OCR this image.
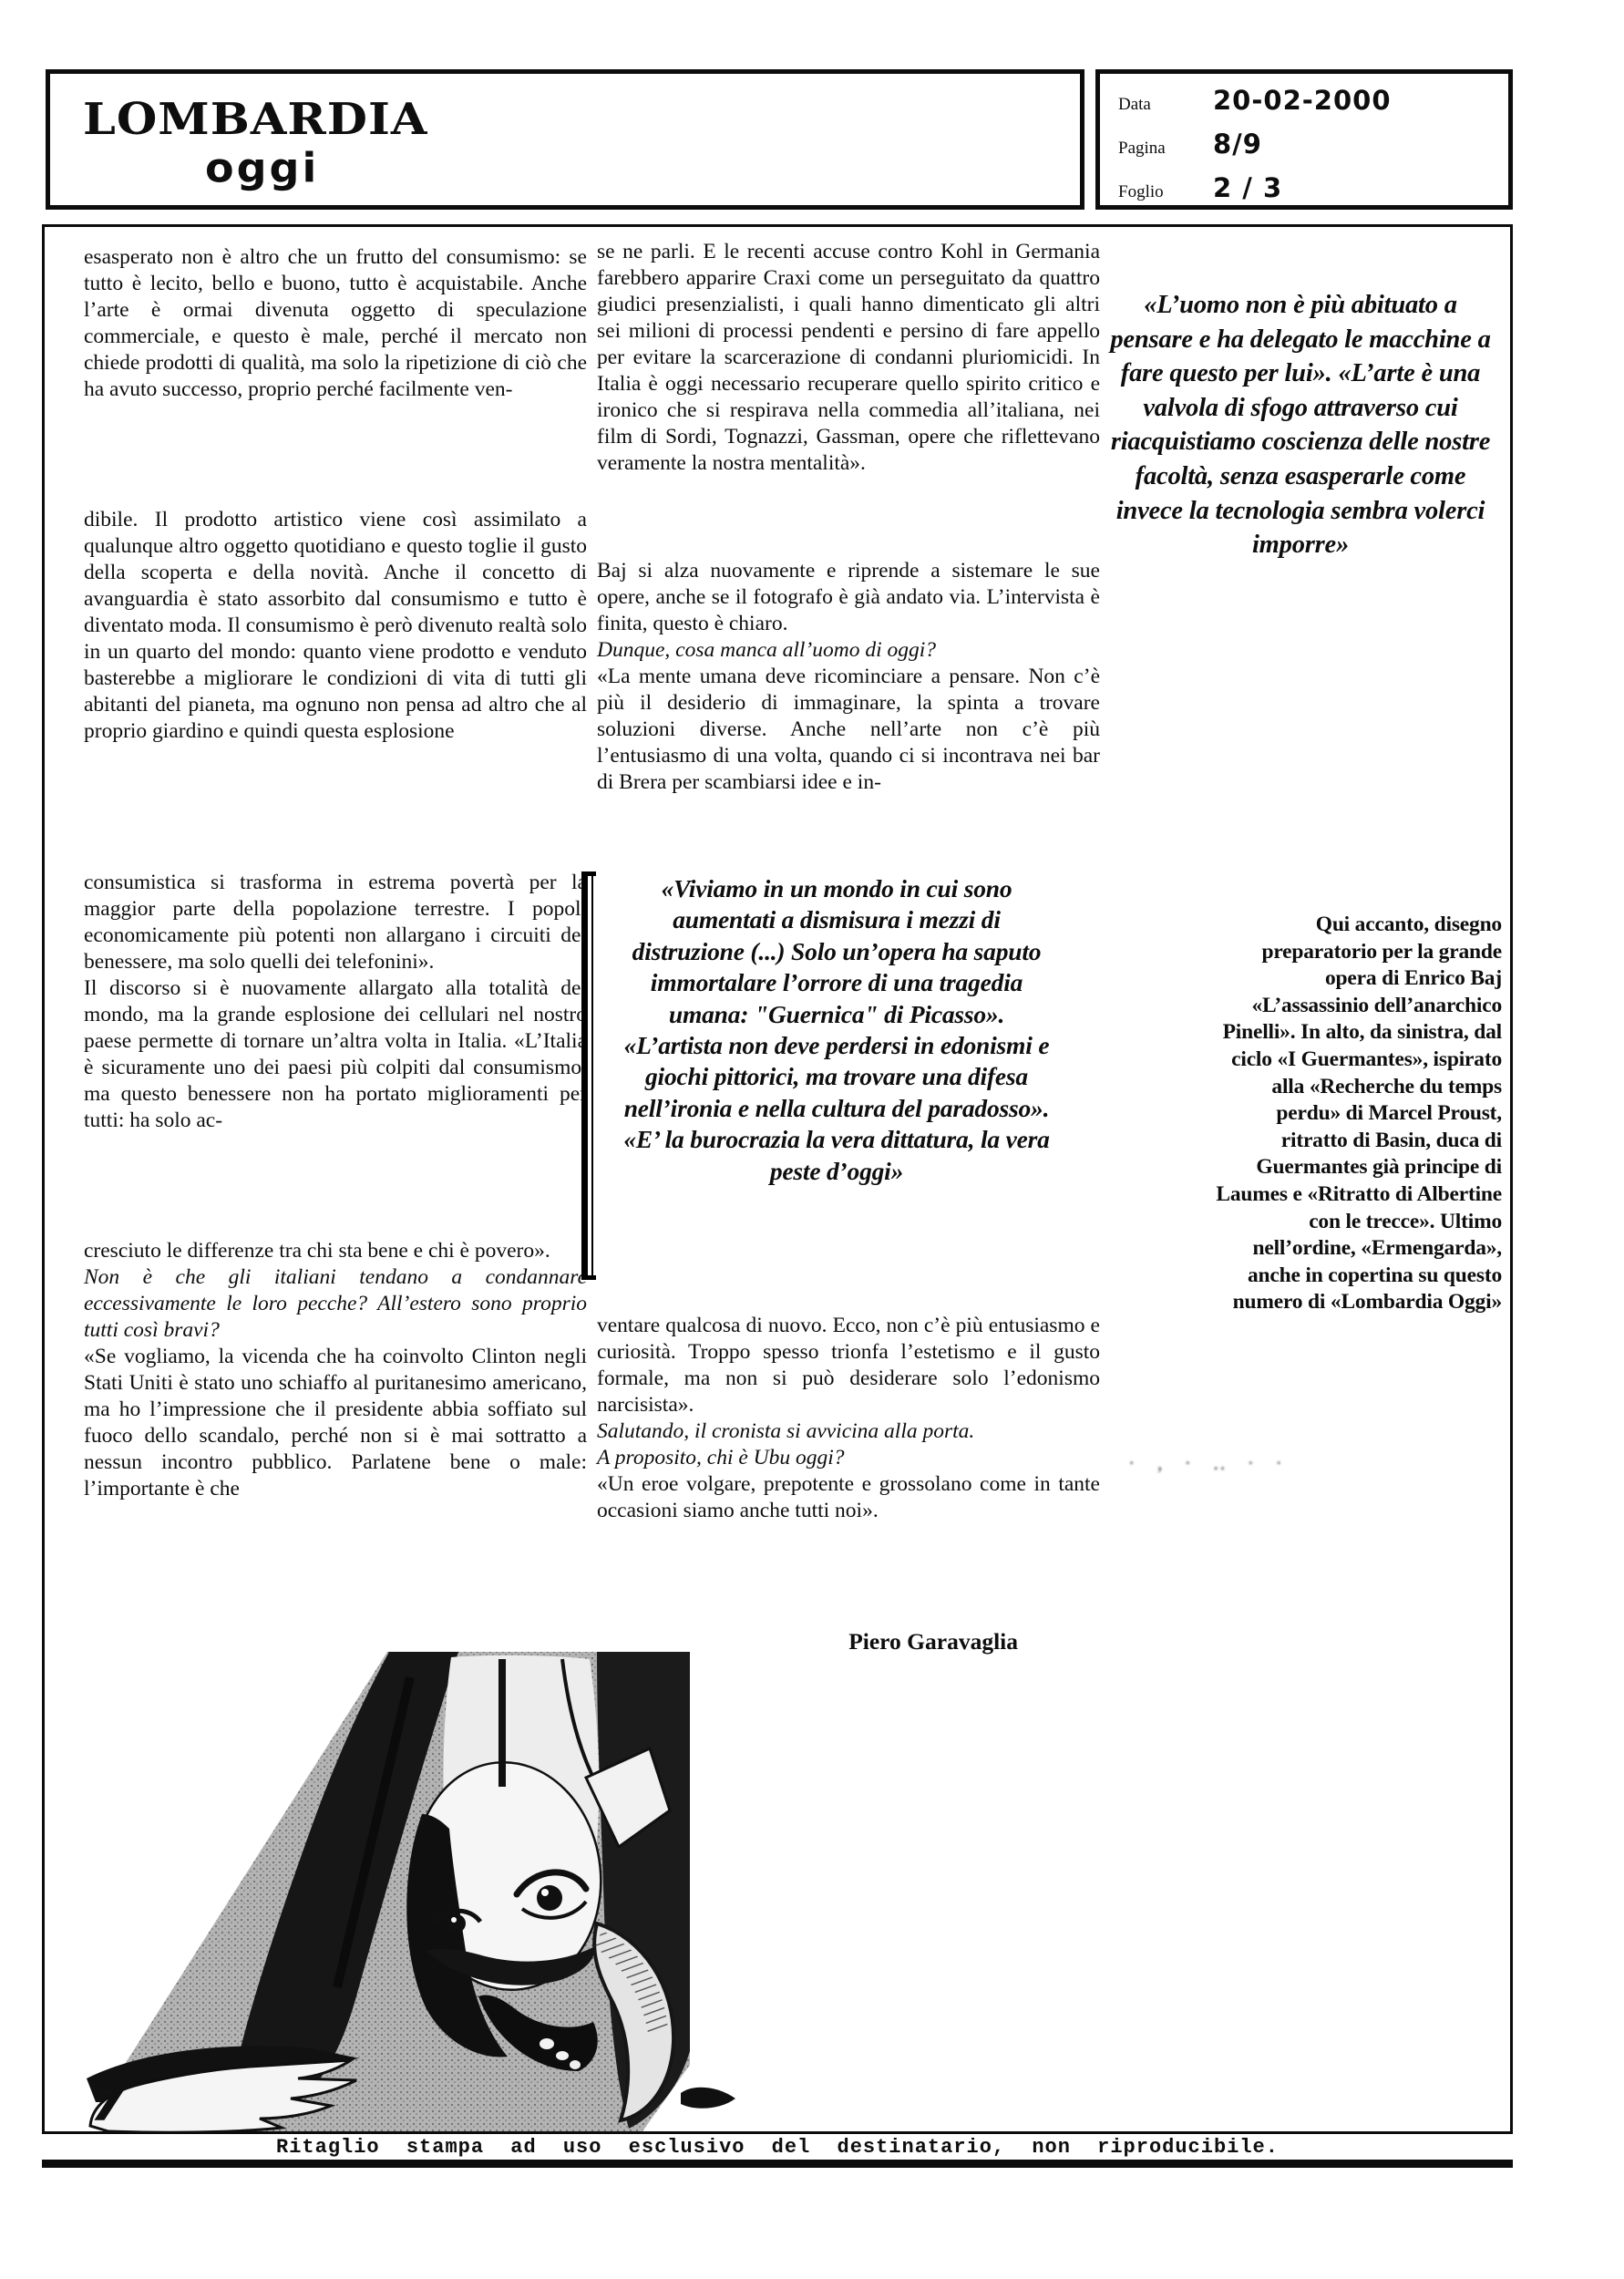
LOMBARDIA
oggi
Data	20-02-2000
Pagina	8/9
Foglio	2 / 3

esasperato non è altro che un frutto del consumismo: se tutto è lecito, bello e buono, tutto è acquistabile. Anche l’arte è ormai divenuta oggetto di speculazione commerciale, e questo è male, perché il mercato non chiede prodotti di qualità, ma solo la ripetizione di ciò che ha avuto successo, proprio perché facilmente ven-

dibile. Il prodotto artistico viene così assimilato a qualunque altro oggetto quotidiano e questo toglie il gusto della scoperta e della novità. Anche il concetto di avanguardia è stato assorbito dal consumismo e tutto è diventato moda. Il consumismo è però divenuto realtà solo in un quarto del mondo: quanto viene prodotto e venduto basterebbe a migliorare le condizioni di vita di tutti gli abitanti del pianeta, ma ognuno non pensa ad altro che al proprio giardino e quindi questa esplosione

consumistica si trasforma in estrema povertà per la maggior parte della popolazione terrestre. I popoli economicamente più potenti non allargano i circuiti del benessere, ma solo quelli dei telefonini».

Il discorso si è nuovamente allargato alla totalità del mondo, ma la grande esplosione dei cellulari nel nostro paese permette di tornare un’altra volta in Italia. «L’Italia è sicuramente uno dei paesi più colpiti dal consumismo, ma questo benessere non ha portato miglioramenti per tutti: ha solo ac-

cresciuto le differenze tra chi sta bene e chi è povero».

Non è che gli italiani tendano a condannare eccessivamente le loro pecche? All’estero sono proprio tutti così bravi?

«Se vogliamo, la vicenda che ha coinvolto Clinton negli Stati Uniti è stato uno schiaffo al puritanesimo americano, ma ho l’impressione che il presidente abbia soffiato sul fuoco dello scandalo, perché non si è mai sottratto a nessun incontro pubblico. Parlatene bene o male: l’importante è che

se ne parli. E le recenti accuse contro Kohl in Germania farebbero apparire Craxi come un perseguitato da quattro giudici presenzialisti, i quali hanno dimenticato gli altri sei milioni di processi pendenti e persino di fare appello per evitare la scarcerazione di condanni pluriomicidi. In Italia è oggi necessario recuperare quello spirito critico e ironico che si respirava nella commedia all’italiana, nei film di Sordi, Tognazzi, Gassman, opere che riflettevano veramente la nostra mentalità».

Baj si alza nuovamente e riprende a sistemare le sue opere, anche se il fotografo è già andato via. L’intervista è finita, questo è chiaro.

Dunque, cosa manca all’uomo di oggi?

«La mente umana deve ricominciare a pensare. Non c’è più il desiderio di immaginare, la spinta a trovare soluzioni diverse. Anche nell’arte non c’è più l’entusiasmo di una volta, quando ci si incontrava nei bar di Brera per scambiarsi idee e in-

«Viviamo in un mondo in cui sono aumentati a dismisura i mezzi di distruzione (...) Solo un’opera ha saputo immortalare l’orrore di una tragedia umana: "Guernica" di Picasso». «L’artista non deve perdersi in edonismi e giochi pittorici, ma trovare una difesa nell’ironia e nella cultura del paradosso». «E’ la burocrazia la vera dittatura, la vera peste d’oggi»

ventare qualcosa di nuovo. Ecco, non c’è più entusiasmo e curiosità. Troppo spesso trionfa l’estetismo e il gusto formale, ma non si può desiderare solo l’edonismo narcisista».

Salutando, il cronista si avvicina alla porta.

A proposito, chi è Ubu oggi?

«Un eroe volgare, prepotente e grossolano come in tante occasioni siamo anche tutti noi».

Piero Garavaglia
«L’uomo non è più abituato a pensare e ha delegato le macchine a fare questo per lui». «L’arte è una valvola di sfogo attraverso cui riacquistiamo coscienza delle nostre facoltà, senza esasperarle come invece la tecnologia sembra volerci imporre»
Qui accanto, disegno preparatorio per la grande opera di Enrico Baj «L’assassinio dell’anarchico Pinelli». In alto, da sinistra, dal ciclo «I Guermantes», ispirato alla «Recherche du temps perdu» di Marcel Proust, ritratto di Basin, duca di Guermantes già principe di Laumes e «Ritratto di Albertine con le trecce». Ultimo nell’ordine, «Ermengarda», anche in copertina su questo numero di «Lombardia Oggi»
· ‚ · ‥ · ·
7
Ritaglio stampa ad uso esclusivo del destinatario, non riproducibile.
